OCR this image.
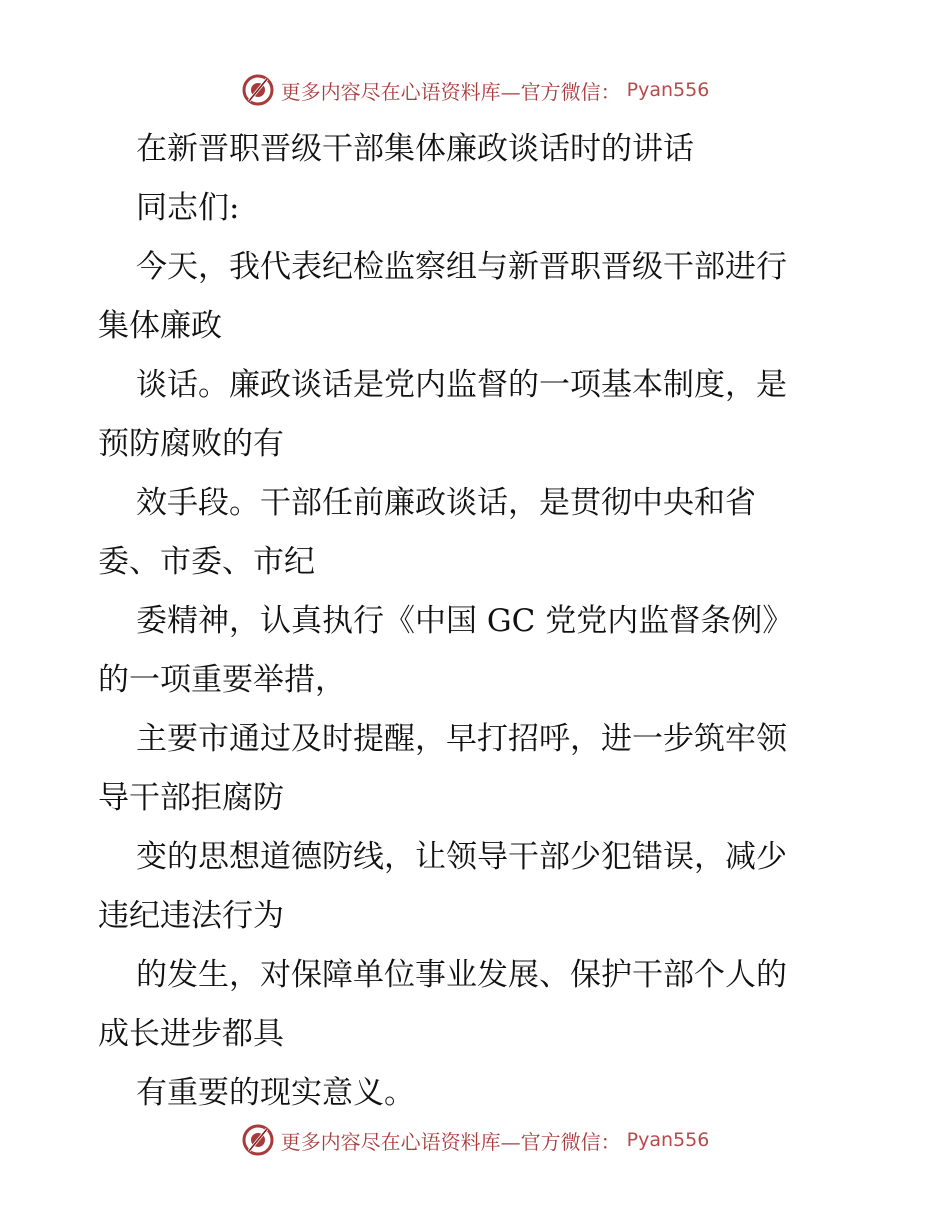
更多内容尽在心语资料库—官方微信： Pyan556
在新晋职晋级干部集体廉政谈话时的讲话
同志们:
今天，我代表纪检监察组与新晋职晋级干部进行
集体廉政
谈话。廉政谈话是党内监督的一项基本制度，是
预防腐败的有
效手段。干部任前廉政谈话，是贯彻中央和省
委、市委、市纪
委精神，认真执行《中国 GC 党党内监督条例》
的一项重要举措，
主要市通过及时提醒，早打招呼，进一步筑牢领
导干部拒腐防
变的思想道德防线，让领导干部少犯错误，减少
违纪违法行为
的发生，对保障单位事业发展、保护干部个人的
成长进步都具
有重要的现实意义。
更多内容尽在心语资料库—官方微信： Pyan556
